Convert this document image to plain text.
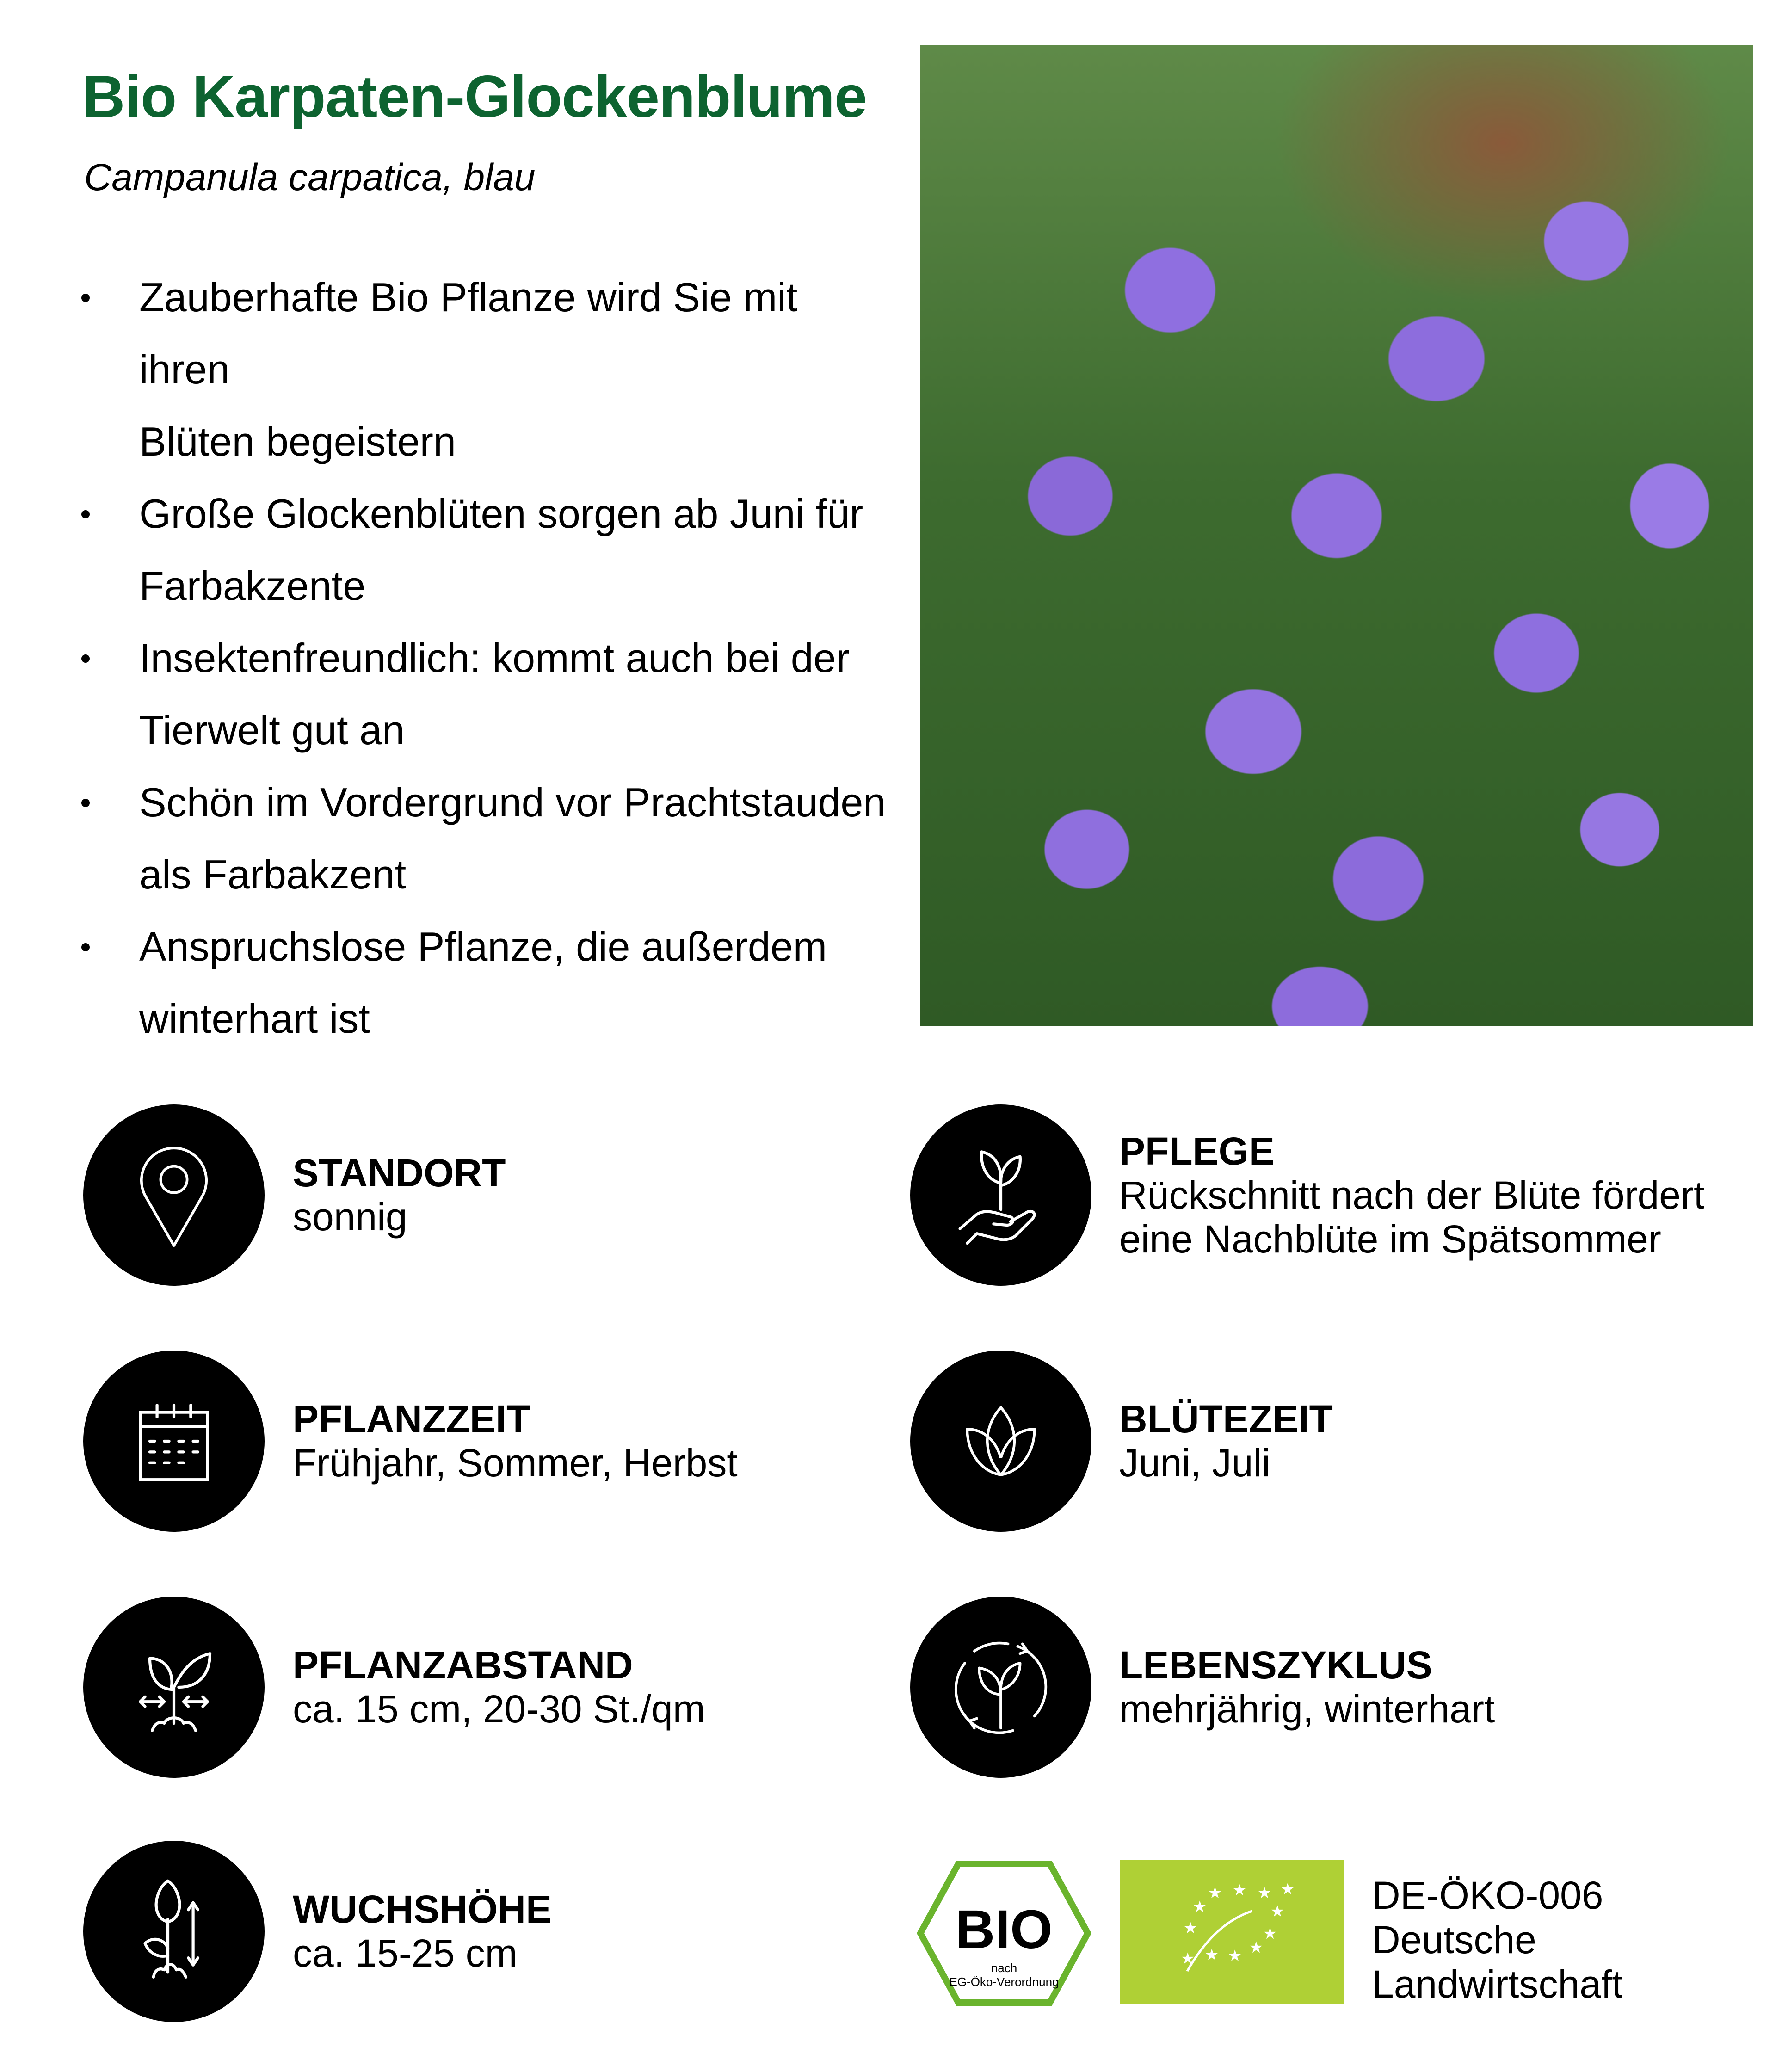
Bio Karpaten-Glockenblume
Campanula carpatica, blau
Zauberhafte Bio Pflanze wird Sie mit ihren
Blüten begeistern
Große Glockenblüten sorgen ab Juni für
Farbakzente
Insektenfreundlich: kommt auch bei der
Tierwelt gut an
Schön im Vordergrund vor Prachtstauden
als Farbakzent
Anspruchslose Pflanze, die außerdem
winterhart ist
STANDORT
sonnig
PFLEGE
Rückschnitt nach der Blüte fördert
eine Nachblüte im Spätsommer
PFLANZZEIT
Frühjahr, Sommer, Herbst
BLÜTEZEIT
Juni, Juli
PFLANZABSTAND
ca. 15 cm, 20-30 St./qm
LEBENSZYKLUS
mehrjährig, winterhart
WUCHSHÖHE
ca. 15-25 cm	BIO
nach
EG-Öko-Verordnung
★ ★ ★ ★
★	★
★	★
★ ★ ★ ★
DE-ÖKO-006
Deutsche
Landwirtschaft
